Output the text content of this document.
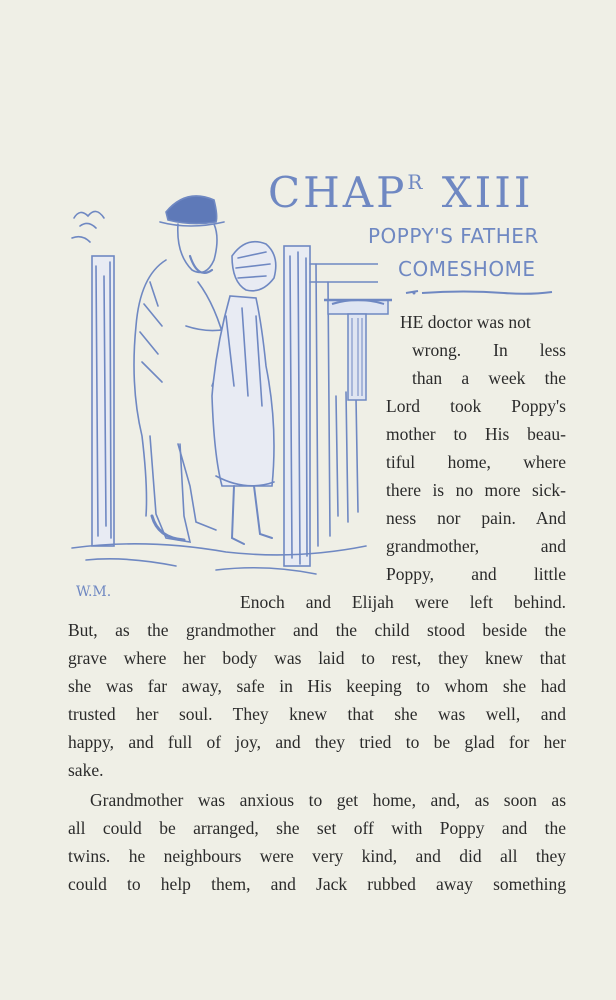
$CHAP^R$ XIII
POPPY'S FATHER
COMESHOME
W.M.
HE doctor was not
wrong. In less
than a week the
Lord took Poppy's
mother to His beau-
tiful home, where
there is no more sick-
ness nor pain. And
grandmother, and
Poppy, and little
Enoch and Elijah were left behind.
But, as the grandmother and the child stood beside the
grave where her body was laid to rest, they knew that
she was far away, safe in His keeping to whom she had
trusted her soul. They knew that she was well, and
happy, and full of joy, and they tried to be glad for her
sake.
Grandmother was anxious to get home, and, as soon as
all could be arranged, she set off with Poppy and the
twins. he neighbours were very kind, and did all they
could to help them, and Jack rubbed away something
